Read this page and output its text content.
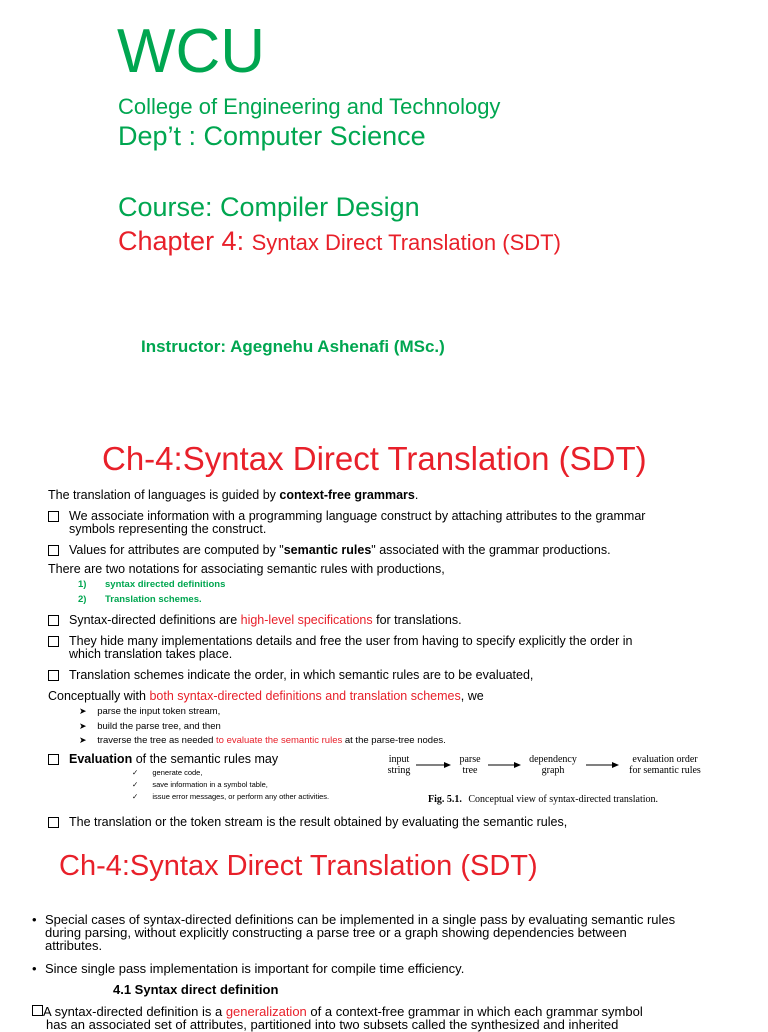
WCU
College of Engineering and Technology
Dep’t : Computer Science
Course: Compiler Design
Chapter 4: Syntax Direct Translation (SDT)
Instructor: Agegnehu Ashenafi (MSc.)
Ch-4:Syntax Direct Translation (SDT)
The translation of languages is guided by context-free grammars.
We associate information with a programming language construct by attaching attributes to the grammar
symbols representing the construct.
Values for attributes are computed by "semantic rules" associated with the grammar productions.
There are two notations for associating semantic rules with productions,
1) syntax directed definitions
2) Translation schemes.
Syntax-directed definitions are high-level specifications for translations.
They hide many implementations details and free the user from having to specify explicitly the order in
which translation takes place.
Translation schemes indicate the order, in which semantic rules are to be evaluated,
Conceptually with both syntax-directed definitions and translation schemes, we
➤ parse the input token stream,
➤ build the parse tree, and then
➤ traverse the tree as needed to evaluate the semantic rules at the parse-tree nodes.
Evaluation of the semantic rules may
✓ generate code,
✓ save information in a symbol table,
✓ issue error messages, or perform any other activities.
input
string
parse
tree
dependency
graph
evaluation order
for semantic rules
Fig. 5.1. Conceptual view of syntax-directed translation.
The translation or the token stream is the result obtained by evaluating the semantic rules,
Ch-4:Syntax Direct Translation (SDT)
• Special cases of syntax-directed definitions can be implemented in a single pass by evaluating semantic rules
during parsing, without explicitly constructing a parse tree or a graph showing dependencies between
attributes.
• Since single pass implementation is important for compile time efficiency.
4.1 Syntax direct definition
A syntax-directed definition is a generalization of a context-free grammar in which each grammar symbol
has an associated set of attributes, partitioned into two subsets called the synthesized and inherited
